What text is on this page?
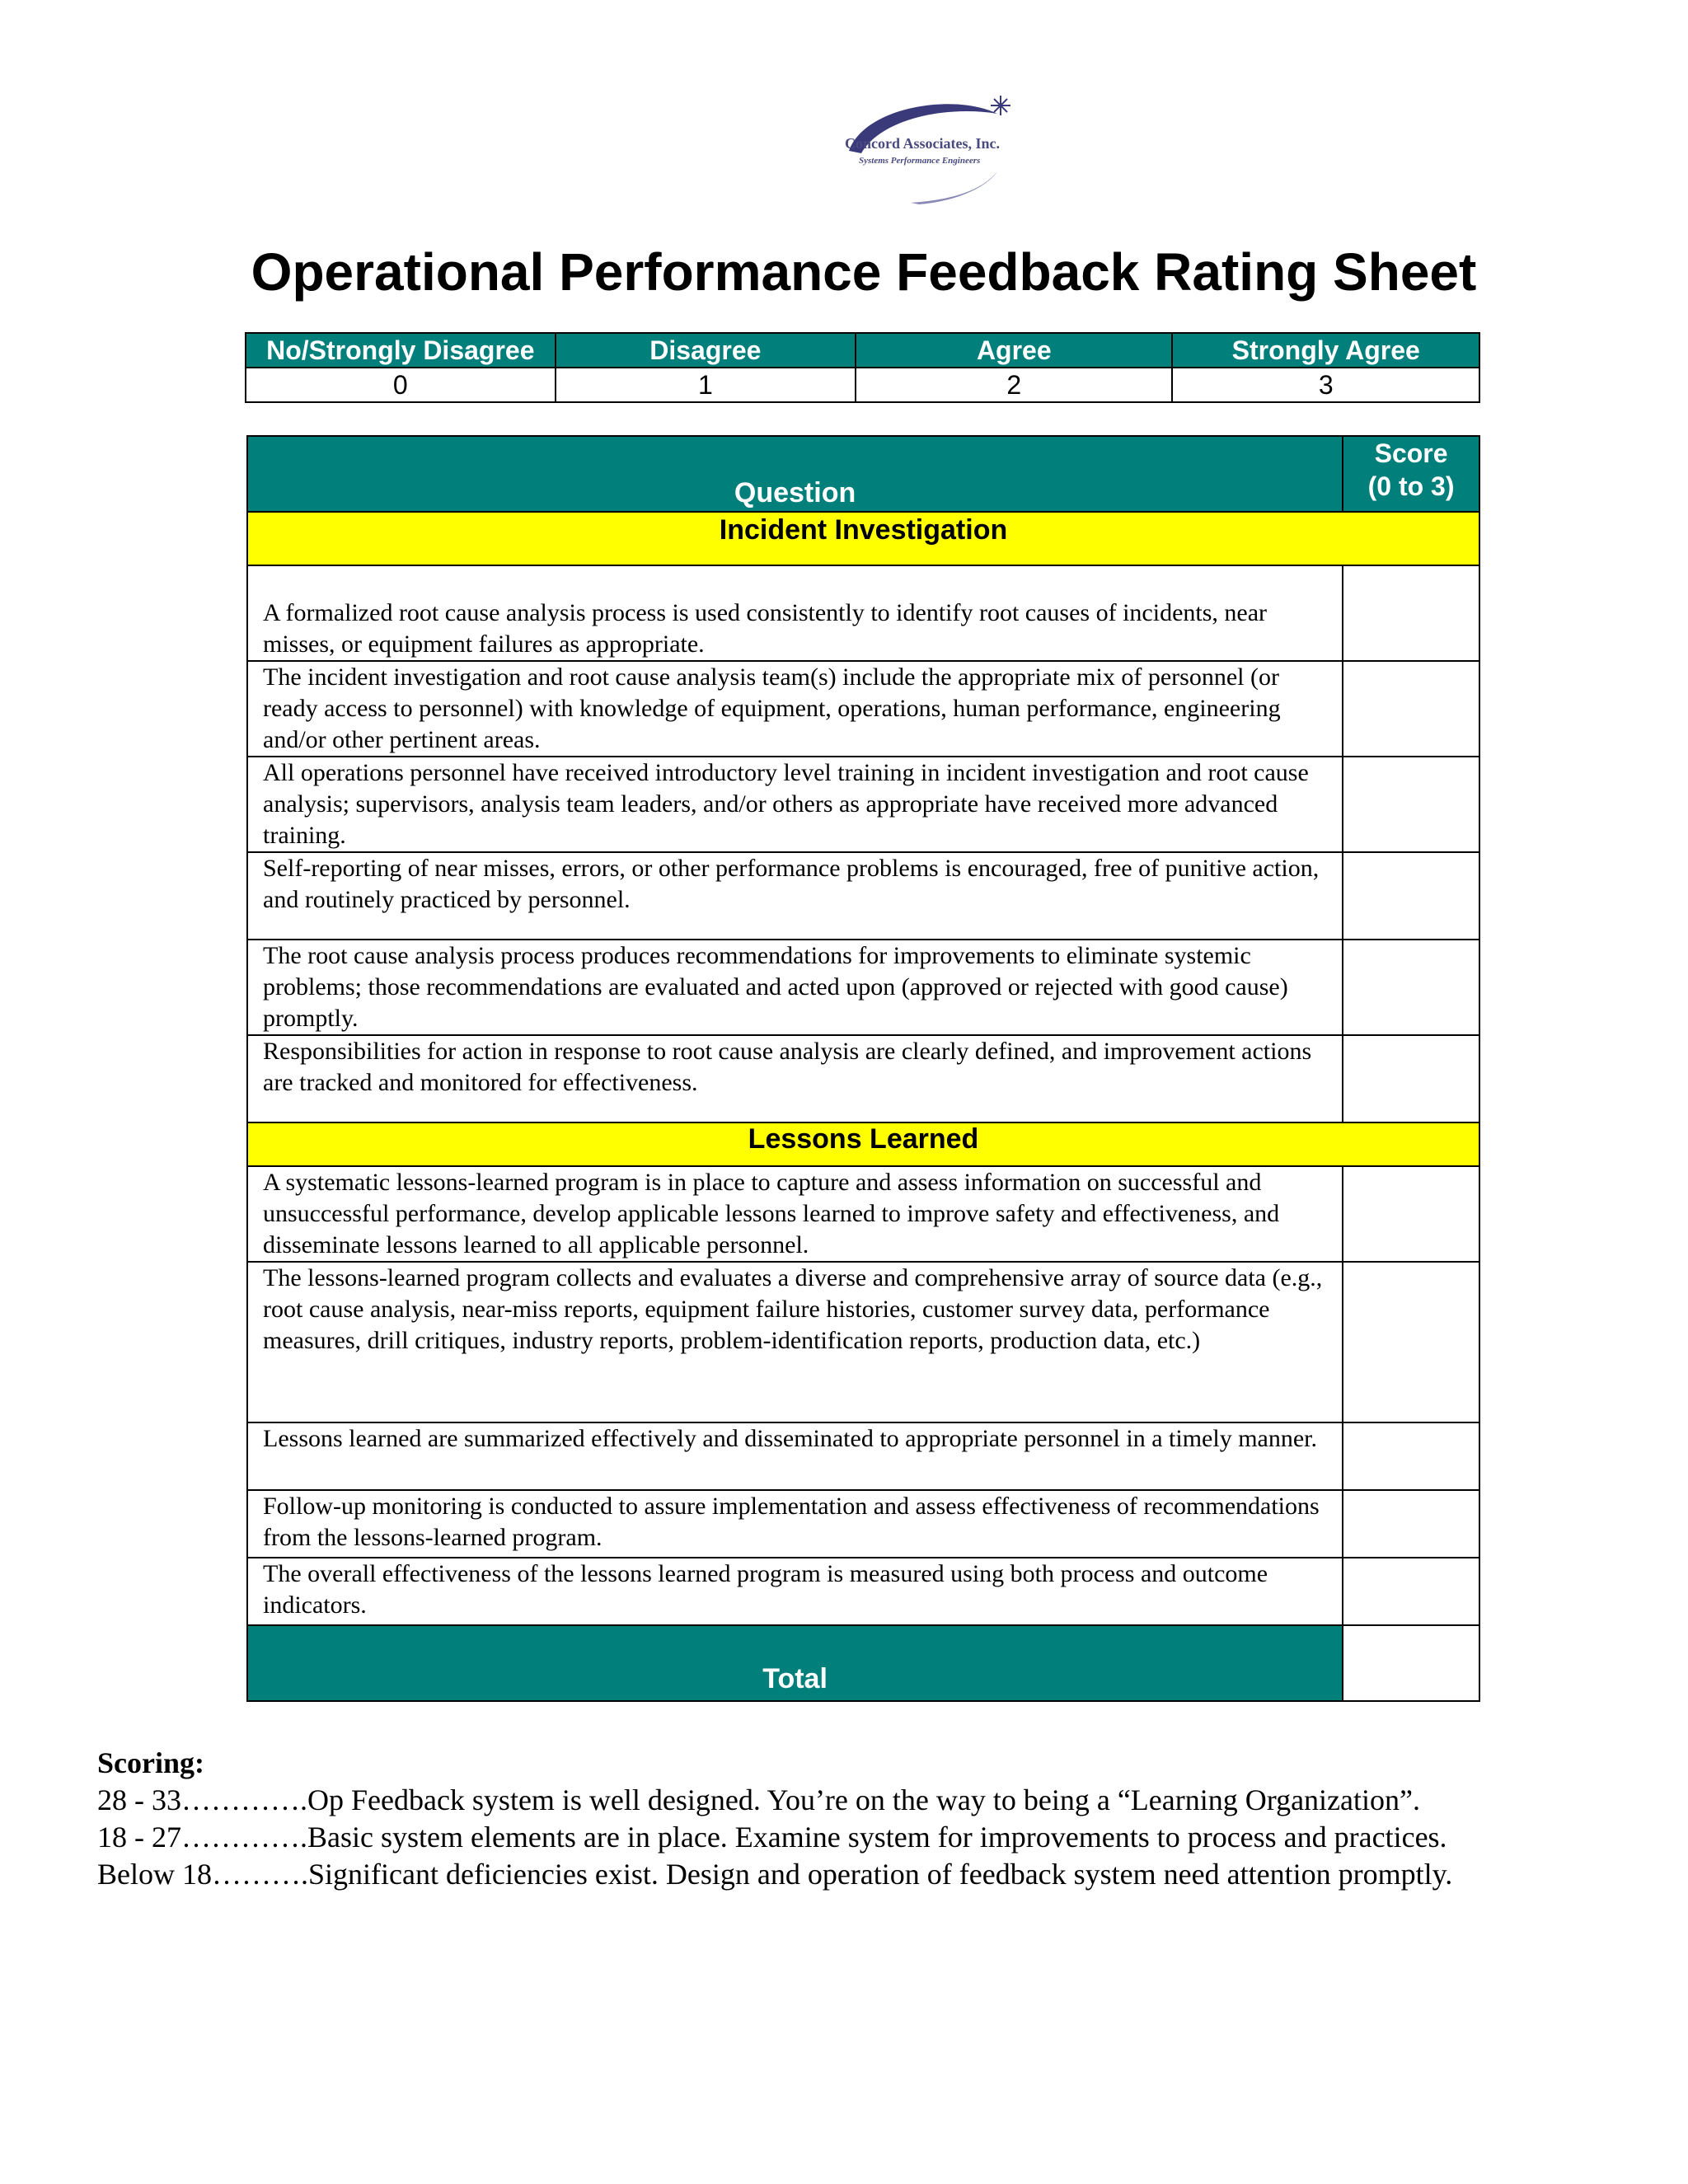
Concord Associates, Inc.
Systems Performance Engineers
Operational Performance Feedback Rating Sheet
No/Strongly Disagree	Disagree	Agree	Strongly Agree
0	1	2	3
Question	Score
(0 to 3)
Incident Investigation	
A formalized root cause analysis process is used consistently to identify root causes of incidents, near misses, or equipment failures as appropriate.	
The incident investigation and root cause analysis team(s) include the appropriate mix of personnel (or ready access to personnel) with knowledge of equipment, operations, human performance, engineering and/or other pertinent areas.	
All operations personnel have received introductory level training in incident investigation and root cause analysis; supervisors, analysis team leaders, and/or others as appropriate have received more advanced training.	
Self-reporting of near misses, errors, or other performance problems is encouraged, free of punitive action, and routinely practiced by personnel.	
The root cause analysis process produces recommendations for improvements to eliminate systemic problems; those recommendations are evaluated and acted upon (approved or rejected with good cause) promptly.	
Responsibilities for action in response to root cause analysis are clearly defined, and improvement actions are tracked and monitored for effectiveness.	
Lessons Learned	
A systematic lessons-learned program is in place to capture and assess information on successful and unsuccessful performance, develop applicable lessons learned to improve safety and effectiveness, and disseminate lessons learned to all applicable personnel.	
The lessons-learned program collects and evaluates a diverse and comprehensive array of source data (e.g., root cause analysis, near-miss reports, equipment failure histories, customer survey data, performance measures, drill critiques, industry reports, problem-identification reports, production data, etc.)	
Lessons learned are summarized effectively and disseminated to appropriate personnel in a timely manner.	
Follow-up monitoring is conducted to assure implementation and assess effectiveness of recommendations from the lessons-learned program.	
The overall effectiveness of the lessons learned program is measured using both process and outcome indicators.	
Total	
Scoring:
28 - 33………….Op Feedback system is well designed. You’re on the way to being a “Learning Organization”.
18 - 27………….Basic system elements are in place. Examine system for improvements to process and practices.
Below 18……….Significant deficiencies exist. Design and operation of feedback system need attention promptly.
